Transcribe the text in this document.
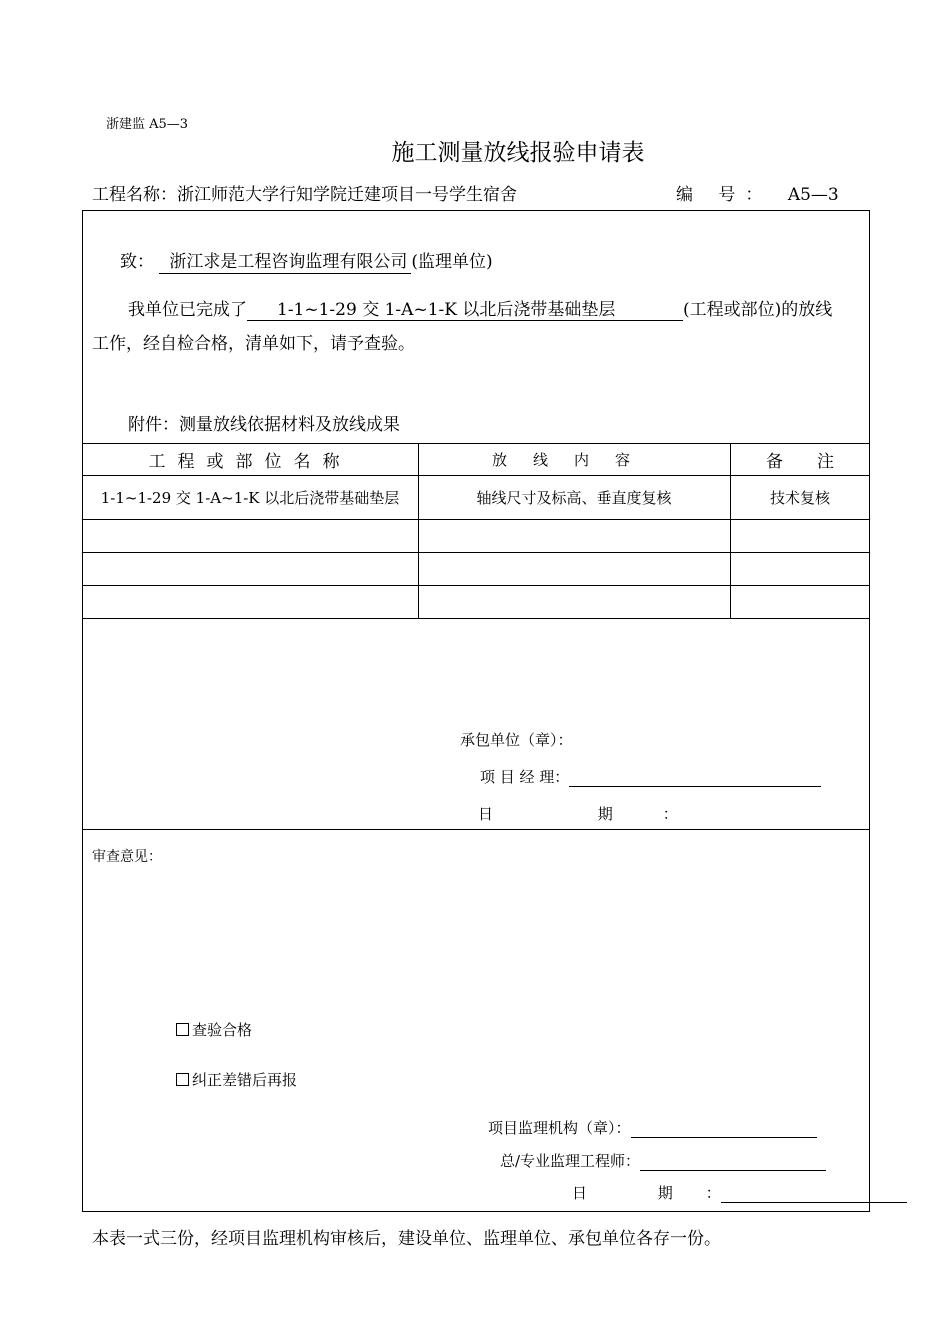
浙建监 A5—3
施工测量放线报验申请表
工程名称：浙江师范大学行知学院迁建项目一号学生宿舍	编 号： A5—3
致： 浙江求是工程咨询监理有限公司 (监理单位)
我单位已完成了 1-1~1-29 交 1-A~1-K 以北后浇带基础垫层	(工程或部位)的放线
工作，经自检合格，清单如下，请予查验。
附件：测量放线依据材料及放线成果
工程或部位名称	放线内容	备注
1-1~1-29 交 1-A~1-K 以北后浇带基础垫层	轴线尺寸及标高、垂直度复核	技术复核
承包单位（章）：
项 目 经 理：
日 期：
审查意见：
查验合格
纠正差错后再报
项目监理机构（章）：
总/专业监理工程师：
日 期：
本表一式三份，经项目监理机构审核后，建设单位、监理单位、承包单位各存一份。
